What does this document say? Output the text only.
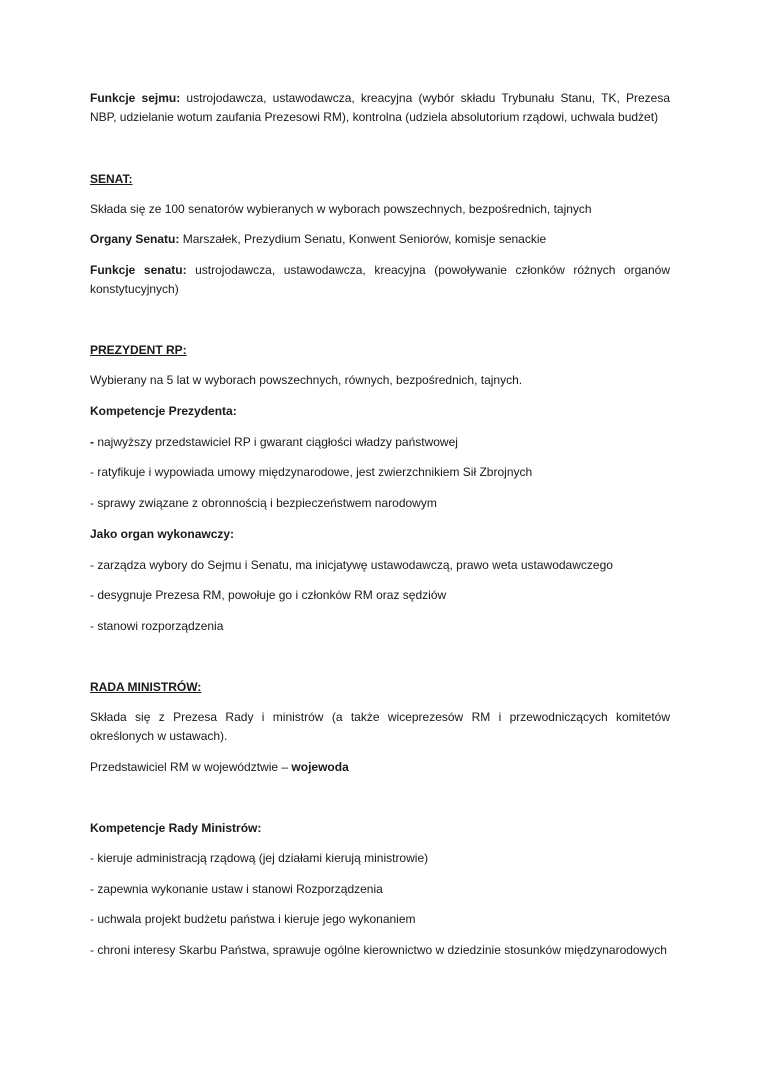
Funkcje sejmu: ustrojodawcza, ustawodawcza, kreacyjna (wybór składu Trybunału Stanu, TK, Prezesa NBP, udzielanie wotum zaufania Prezesowi RM), kontrolna (udziela absolutorium rządowi, uchwala budżet)

SENAT:

Składa się ze 100 senatorów wybieranych w wyborach powszechnych, bezpośrednich, tajnych

Organy Senatu: Marszałek, Prezydium Senatu, Konwent Seniorów, komisje senackie

Funkcje senatu: ustrojodawcza, ustawodawcza, kreacyjna (powoływanie członków różnych organów konstytucyjnych)

PREZYDENT RP:

Wybierany na 5 lat w wyborach powszechnych, równych, bezpośrednich, tajnych.

Kompetencje Prezydenta:

- najwyższy przedstawiciel RP i gwarant ciągłości władzy państwowej

- ratyfikuje i wypowiada umowy międzynarodowe, jest zwierzchnikiem Sił Zbrojnych

- sprawy związane z obronnością i bezpieczeństwem narodowym

Jako organ wykonawczy:

- zarządza wybory do Sejmu i Senatu, ma inicjatywę ustawodawczą, prawo weta ustawodawczego

- desygnuje Prezesa RM, powołuje go i członków RM oraz sędziów

- stanowi rozporządzenia

RADA MINISTRÓW:

Składa się z Prezesa Rady i ministrów (a także wiceprezesów RM i przewodniczących komitetów określonych w ustawach).

Przedstawiciel RM w województwie – wojewoda

Kompetencje Rady Ministrów:

- kieruje administracją rządową (jej działami kierują ministrowie)

- zapewnia wykonanie ustaw i stanowi Rozporządzenia

- uchwala projekt budżetu państwa i kieruje jego wykonaniem

- chroni interesy Skarbu Państwa, sprawuje ogólne kierownictwo w dziedzinie stosunków międzynarodowych
